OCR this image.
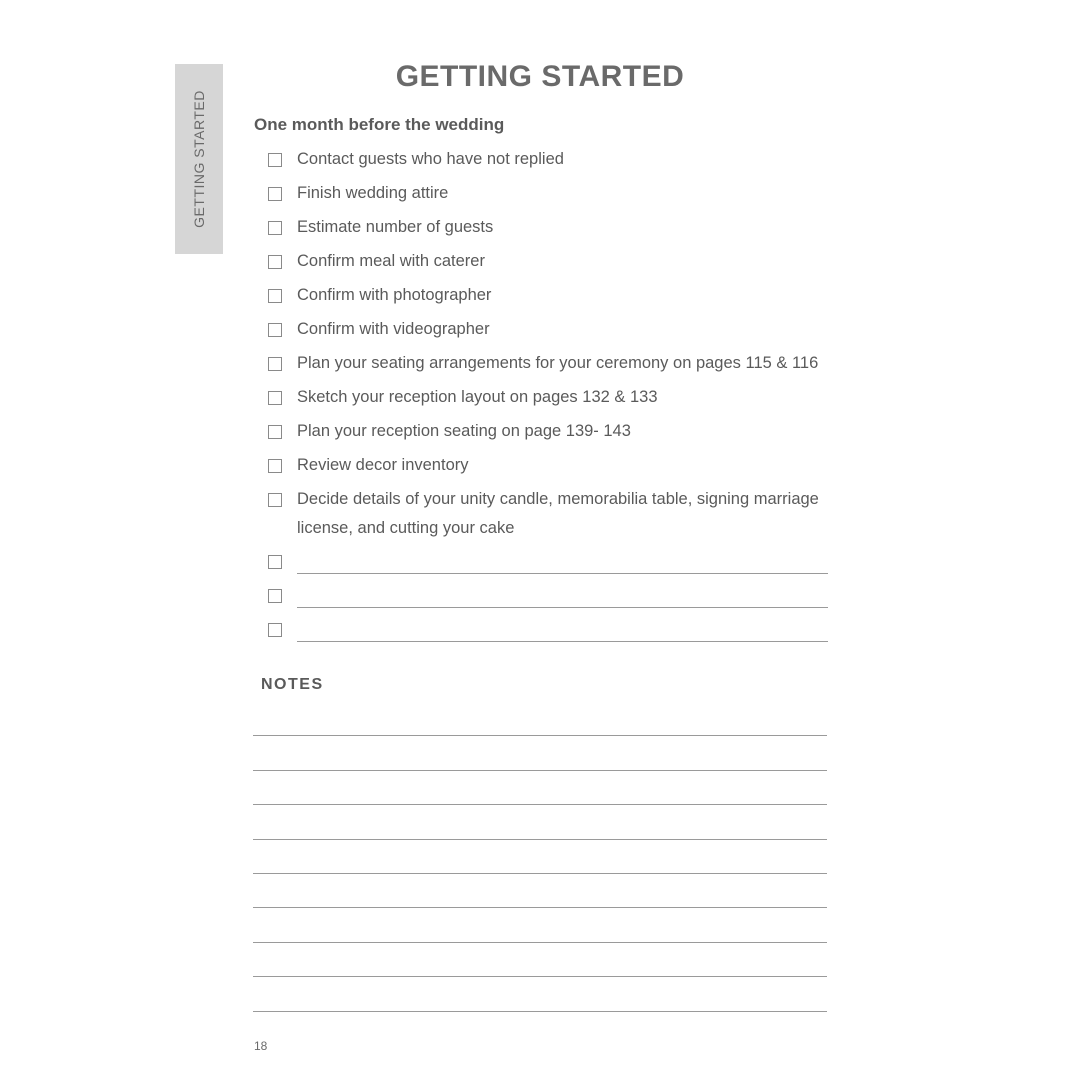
GETTING STARTED
GETTING STARTED
One month before the wedding
Contact guests who have not replied
Finish wedding attire
Estimate number of guests
Confirm meal with caterer
Confirm with photographer
Confirm with videographer
Plan your seating arrangements for your ceremony on pages 115 & 116
Sketch your reception layout on pages 132 & 133
Plan your reception seating on page 139- 143
Review decor inventory
Decide details of your unity candle, memorabilia table, signing marriage license, and cutting your cake
NOTES

18
